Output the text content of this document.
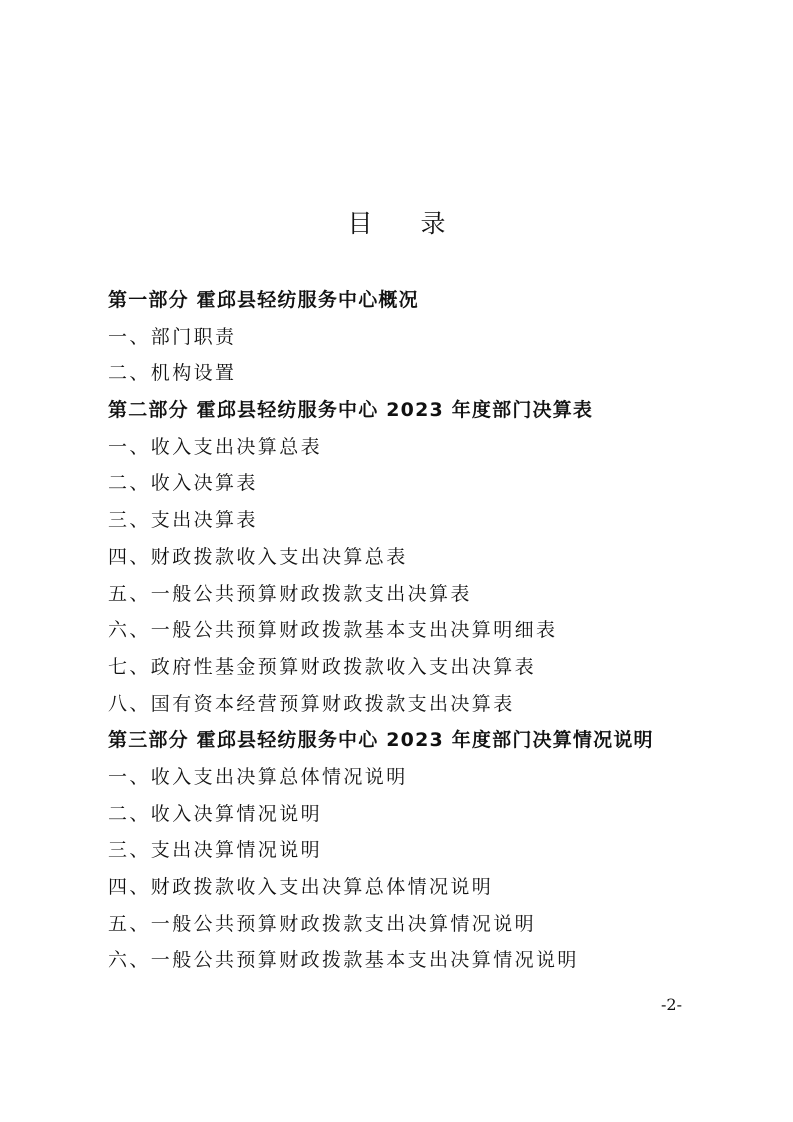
目 录
第一部分 霍邱县轻纺服务中心概况
一、部门职责
二、机构设置
第二部分 霍邱县轻纺服务中心 2023 年度部门决算表
一、收入支出决算总表
二、收入决算表
三、支出决算表
四、财政拨款收入支出决算总表
五、一般公共预算财政拨款支出决算表
六、一般公共预算财政拨款基本支出决算明细表
七、政府性基金预算财政拨款收入支出决算表
八、国有资本经营预算财政拨款支出决算表
第三部分 霍邱县轻纺服务中心 2023 年度部门决算情况说明
一、收入支出决算总体情况说明
二、收入决算情况说明
三、支出决算情况说明
四、财政拨款收入支出决算总体情况说明
五、一般公共预算财政拨款支出决算情况说明
六、一般公共预算财政拨款基本支出决算情况说明
-2-
